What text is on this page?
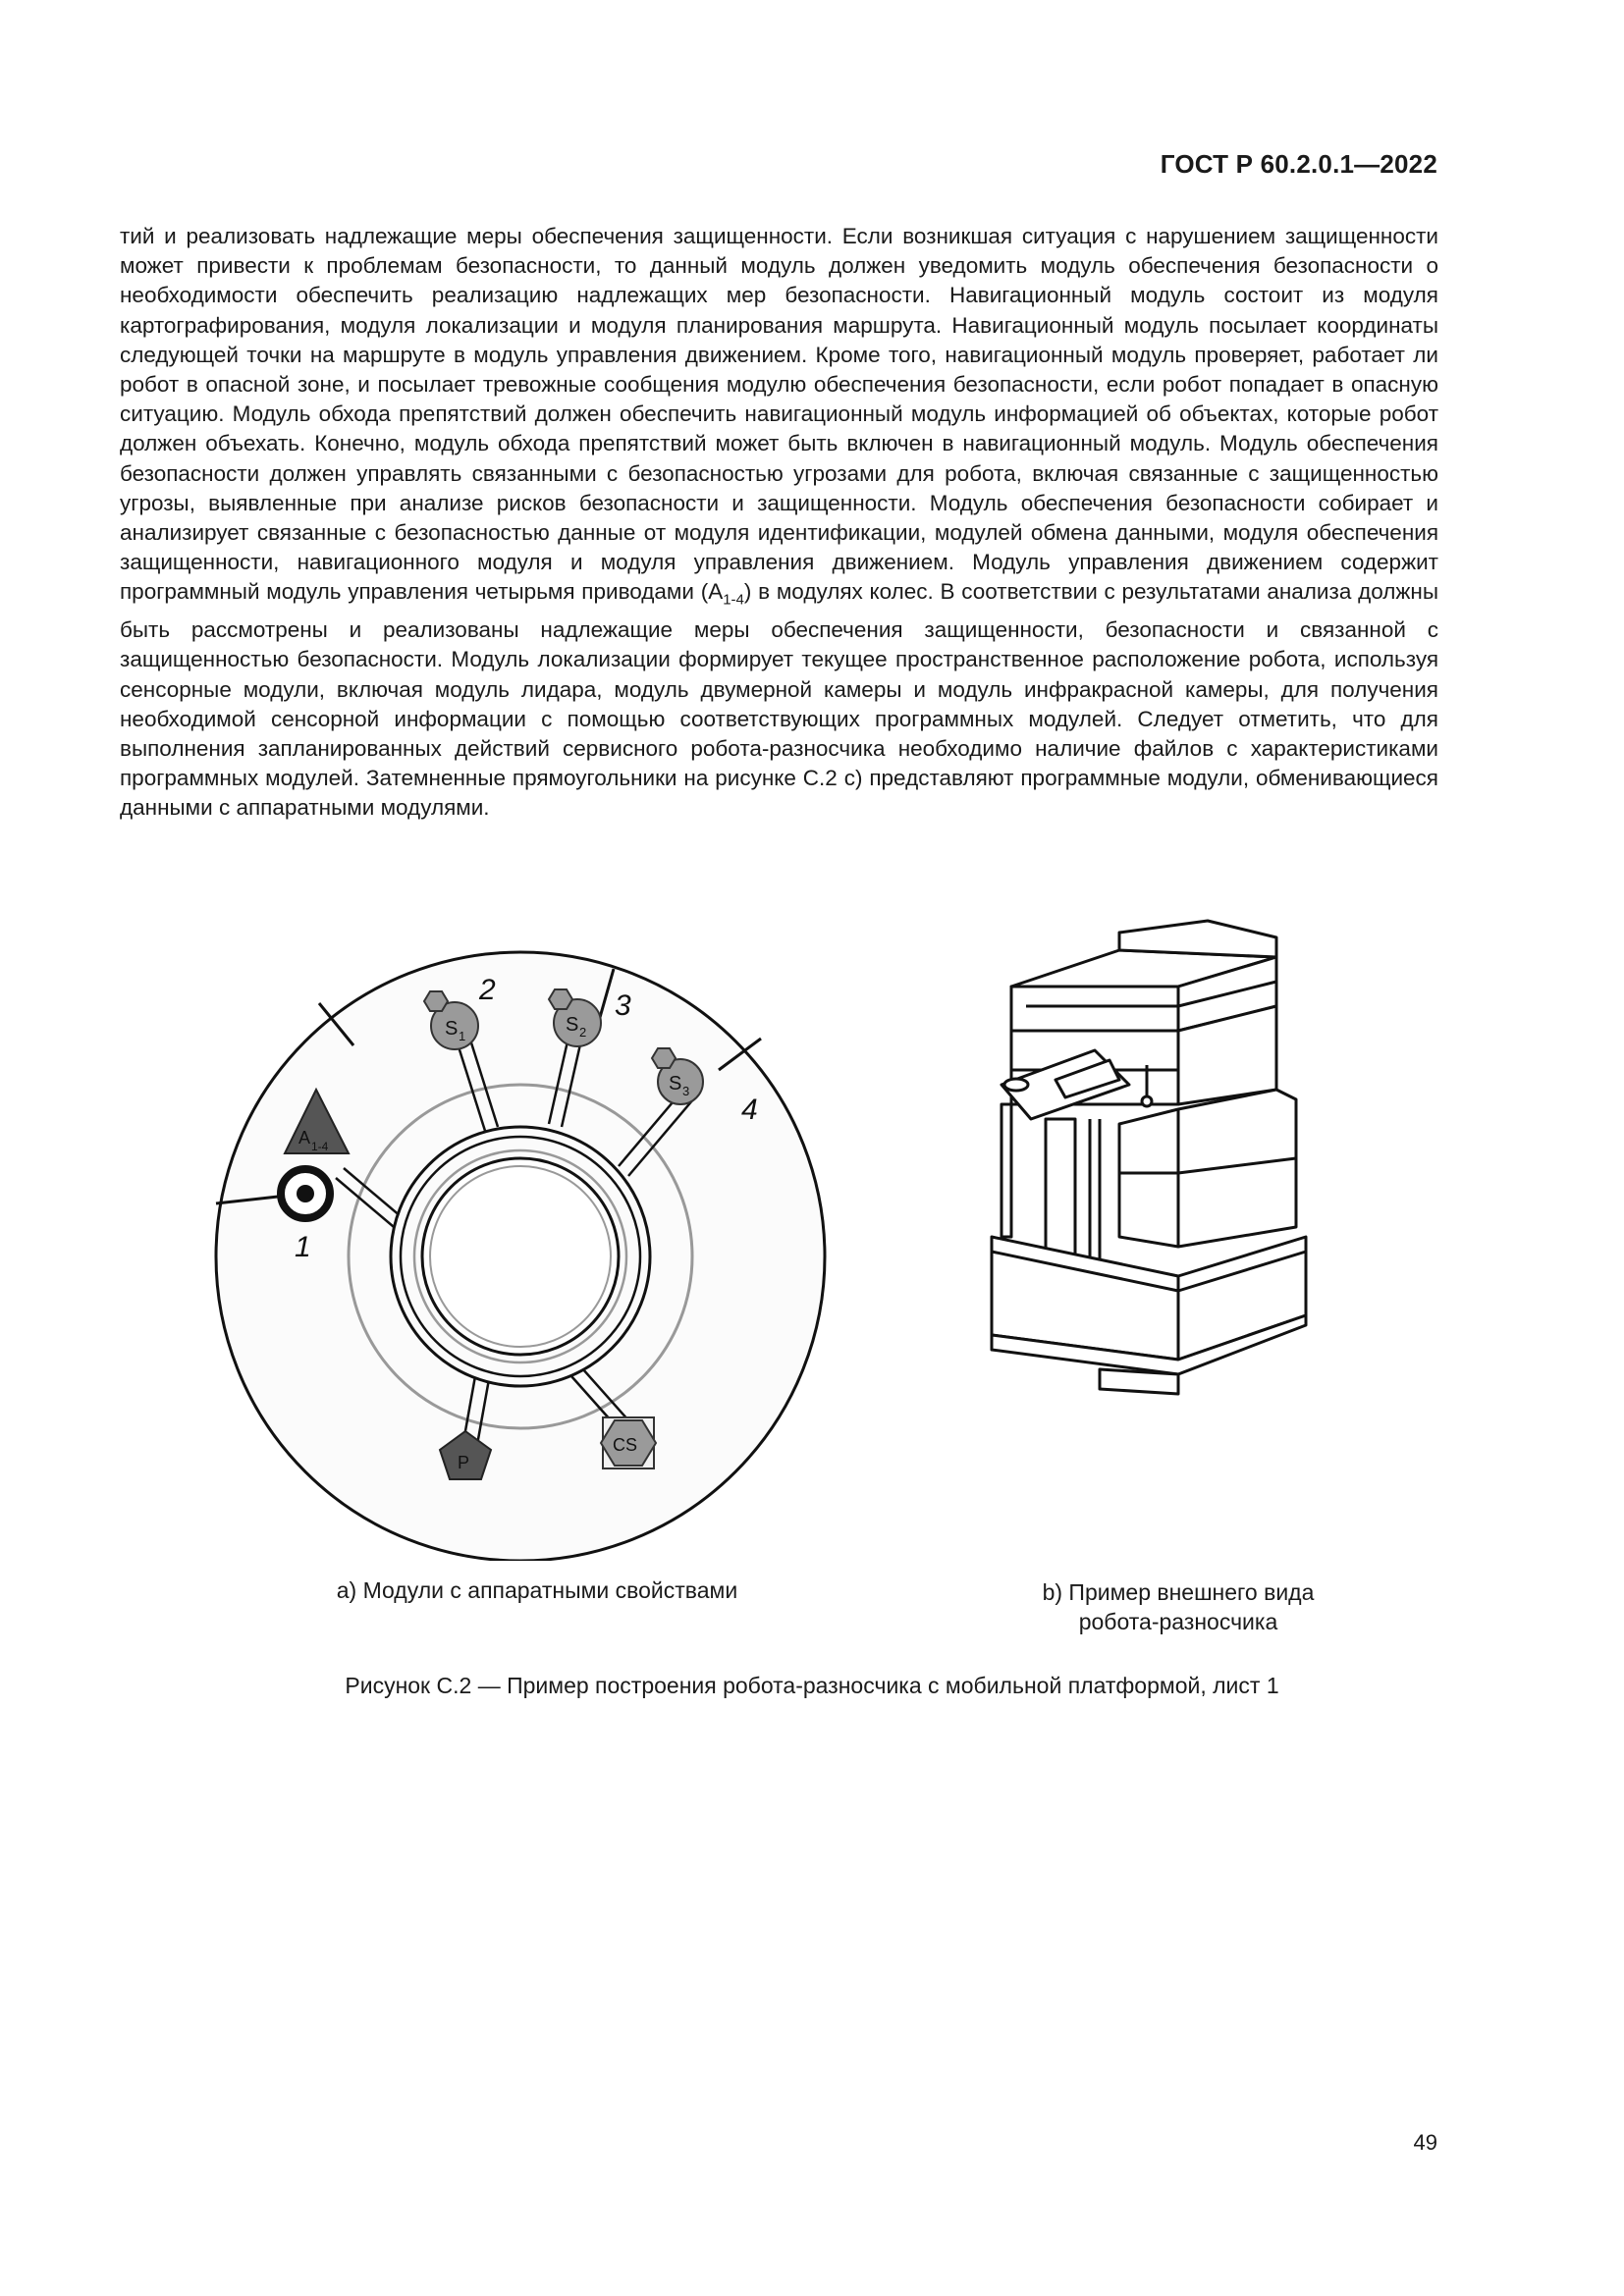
ГОСТ Р 60.2.0.1—2022

тий и реализовать надлежащие меры обеспечения защищенности. Если возникшая ситуация с нарушением защищенности может привести к проблемам безопасности, то данный модуль должен уведомить модуль обеспечения безопасности о необходимости обеспечить реализацию надлежащих мер безопасности. Навигационный модуль состоит из модуля картографирования, модуля локализации и модуля планирования маршрута. Навигационный модуль посылает координаты следующей точки на маршруте в модуль управления движением. Кроме того, навигационный модуль проверяет, работает ли робот в опасной зоне, и посылает тревожные сообщения модулю обеспечения безопасности, если робот попадает в опасную ситуацию. Модуль обхода препятствий должен обеспечить навигационный модуль информацией об объектах, которые робот должен объехать. Конечно, модуль обхода препятствий может быть включен в навигационный модуль. Модуль обеспечения безопасности должен управлять связанными с безопасностью угрозами для робота, включая связанные с защищенностью угрозы, выявленные при анализе рисков безопасности и защищенности. Модуль обеспечения безопасности собирает и анализирует связанные с безопасностью данные от модуля идентификации, модулей обмена данными, модуля обеспечения защищенности, навигационного модуля и модуля управления движением. Модуль управления движением содержит программный модуль управления четырьмя приводами $(A_{1-4})$ в модулях колес. В соответствии с результатами анализа должны быть рассмотрены и реализованы надлежащие меры обеспечения защищенности, безопасности и связанной с защищенностью безопасности. Модуль локализации формирует текущее пространственное расположение робота, используя сенсорные модули, включая модуль лидара, модуль двумерной камеры и модуль инфракрасной камеры, для получения необходимой сенсорной информации с помощью соответствующих программных модулей. Следует отметить, что для выполнения запланированных действий сервисного робота-разносчика необходимо наличие файлов с характеристиками программных модулей. Затемненные прямоугольники на рисунке С.2 с) представляют программные модули, обменивающиеся данными с аппаратными модулями.

S 1
S 2
S 3
A 1-4
P
CS
1
2	3
4
a) Модули с аппаратными свойствами	b) Пример внешнего вида
робота-разносчика
Рисунок С.2 — Пример построения робота-разносчика с мобильной платформой, лист 1
49
